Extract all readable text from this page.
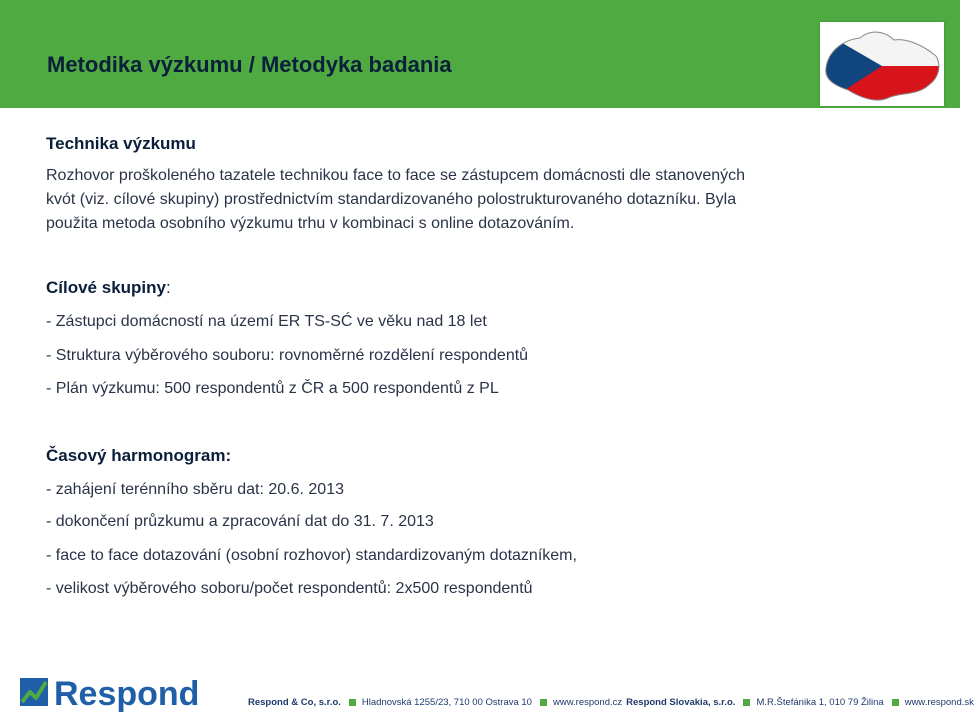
Metodika výzkumu / Metodyka badania
Technika výzkumu
Rozhovor proškoleného tazatele technikou face to face se zástupcem domácnosti dle stanovených
kvót (viz. cílové skupiny) prostřednictvím standardizovaného polostrukturovaného dotazníku. Byla
použita metoda osobního výzkumu trhu v kombinaci s online dotazováním.
Cílové skupiny:
- Zástupci domácností na území ER TS-SĆ ve věku nad 18 let
- Struktura výběrového souboru: rovnoměrné rozdělení respondentů
- Plán výzkumu: 500 respondentů z ČR a 500 respondentů z PL
Časový harmonogram:
- zahájení terénního sběru dat: 20.6. 2013
- dokončení průzkumu a zpracování dat do 31. 7. 2013
- face to face dotazování (osobní rozhovor) standardizovaným dotazníkem,
- velikost výběrového soboru/počet respondentů: 2x500 respondentů
Respond	Respond & Co, s.r.o. Hladnovská 1255/23, 710 00 Ostrava 10 www.respond.cz Respond Slovakia, s.r.o. M.R.Štefánika 1, 010 79 Žilina www.respond.sk
